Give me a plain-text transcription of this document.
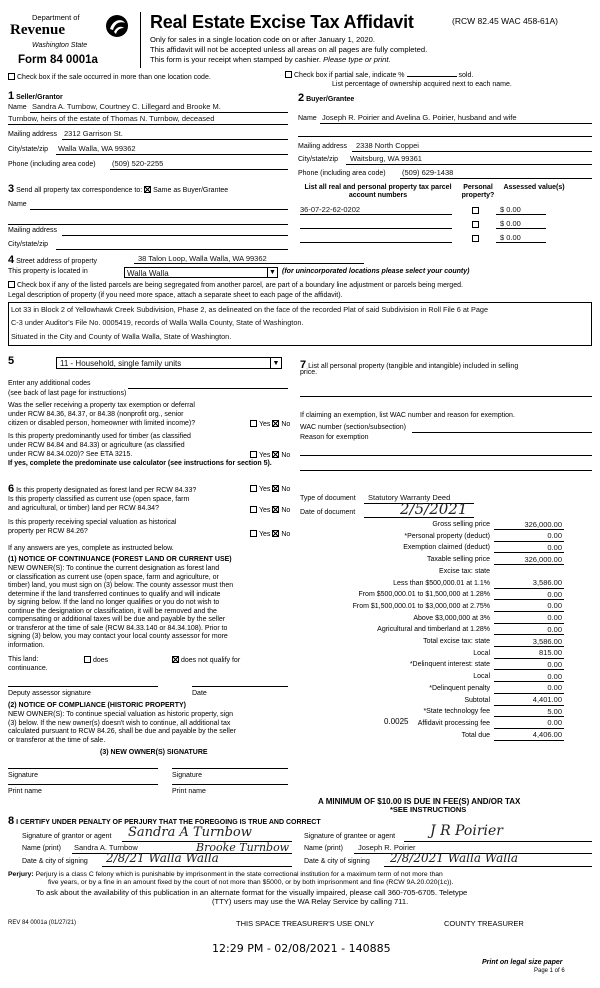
Department of
Revenue
Washington State
Form 84 0001a
Real Estate Excise Tax Affidavit	(RCW 82.45 WAC 458-61A)
Only for sales in a single location code on or after January 1, 2020.
This affidavit will not be accepted unless all areas on all pages are fully completed.
This form is your receipt when stamped by cashier. Please type or print.
Check box if the sale occurred in more than one location code.	Check box if partial sale, indicate %	sold.
List percentage of ownership acquired next to each name.
1 Seller/Grantor
Name Sandra A. Turnbow, Courtney C. Lillegard and Brooke M.
Turnbow, heirs of the estate of Thomas N. Turnbow, deceased
Mailing address 2312 Garrison St.
City/state/zip Walla Walla, WA 99362
Phone (including area code) (509) 520-2255
2 Buyer/Grantee
Name Joseph R. Poirier and Avelina G. Poirier, husband and wife
Mailing address 2338 North Coppei
City/state/zip Waitsburg, WA 99361
Phone (including area code) (509) 629-1438
3 Send all property tax correspondence to: Same as Buyer/Grantee
Name
Mailing address
City/state/zip
List all real and personal property tax parcel account numbers
Personal property?
Assessed value(s)
36-07-22-62-0202	$ 0.00
$ 0.00
$ 0.00
4 Street address of property	38 Talon Loop, Walla Walla, WA 99362
This property is located in	Walla Walla	▼ (for unincorporated locations please select your county)
Check box if any of the listed parcels are being segregated from another parcel, are part of a boundary line adjustment or parcels being merged.
Legal description of property (if you need more space, attach a separate sheet to each page of the affidavit).
Lot 33 in Block 2 of Yellowhawk Creek Subdivision, Phase 2, as delineated on the face of the recorded Plat of said Subdivision in Roll File 6 at Page
C-3 under Auditor's File No. 0005419, records of Walla Walla County, State of Washington.
Situated in the City and County of Walla Walla, State of Washington.
5	11 - Household, single family units	▼
Enter any additional codes
(see back of last page for instructions)
Was the seller receiving a property tax exemption or deferral
under RCW 84.36, 84.37, or 84.38 (nonprofit org., senior
citizen or disabled person, homeowner with limited income)?	Yes No
Is this property predominantly used for timber (as classified
under RCW 84.84 and 84.33) or agriculture (as classified
under RCW 84.34.020)? See ETA 3215.	Yes No
If yes, complete the predominate use calculator (see instructions for section 5).
7 List all personal property (tangible and intangible) included in selling
price.
If claiming an exemption, list WAC number and reason for exemption.
WAC number (section/subsection)
Reason for exemption
6 Is this property designated as forest land per RCW 84.33?	Yes No
Is this property classified as current use (open space, farm
and agricultural, or timber) land per RCW 84.34?	Yes No
Is this property receiving special valuation as historical
property per RCW 84.26?	Yes No
If any answers are yes, complete as instructed below.
(1) NOTICE OF CONTINUANCE (FOREST LAND OR CURRENT USE)
NEW OWNER(S): To continue the current designation as forest land
or classification as current use (open space, farm and agriculture, or
timber) land, you must sign on (3) below. The county assessor must then
determine if the land transferred continues to qualify and will indicate
by signing below. If the land no longer qualifies or you do not wish to
continue the designation or classification, it will be removed and the
compensating or additional taxes will be due and payable by the seller
or transferor at the time of sale (RCW 84.33.140 or 84.34.108). Prior to
signing (3) below, you may contact your local county assessor for more
information.
This land:	does	does not qualify for
continuance.
Deputy assessor signature	Date
(2) NOTICE OF COMPLIANCE (HISTORIC PROPERTY)
NEW OWNER(S): To continue special valuation as historic property, sign
(3) below. If the new owner(s) doesn't wish to continue, all additional tax
calculated pursuant to RCW 84.26, shall be due and payable by the seller
or transferor at the time of sale.
(3) NEW OWNER(S) SIGNATURE
Signature	Signature
Print name	Print name
Type of document Statutory Warranty Deed
Date of document	2/5/2021
Gross selling price	326,000.00
*Personal property (deduct)	0.00
Exemption claimed (deduct)	0.00
Taxable selling price	326,000.00
Excise tax: state
Less than $500,000.01 at 1.1%	3,586.00
From $500,000.01 to $1,500,000 at 1.28%	0.00
From $1,500,000.01 to $3,000,000 at 2.75%	0.00
Above $3,000,000 at 3%	0.00
Agricultural and timberland at 1.28%	0.00
Total excise tax: state	3,586.00
Local	815.00
*Delinquent interest: state	0.00
Local	0.00
*Delinquent penalty	0.00
Subtotal	4,401.00
*State technology fee	5.00
Affidavit processing fee	0.00
Total due	4,406.00
0.0025
A MINIMUM OF $10.00 IS DUE IN FEE(S) AND/OR TAX
*SEE INSTRUCTIONS
8 I CERTIFY UNDER PENALTY OF PERJURY THAT THE FOREGOING IS TRUE AND CORRECT
Signature of grantor or agent Sandra A Turnbow
Name (print) Sandra A. Turnbow	Brooke Turnbow
Date & city of signing 2/8/21 Walla Walla
Signature of grantee or agent J R Poirier
Name (print) Joseph R. Poirier
Date & city of signing 2/8/2021 Walla Walla
Perjury: Perjury is a class C felony which is punishable by imprisonment in the state correctional institution for a maximum term of not more than
five years, or by a fine in an amount fixed by the court of not more than $5000, or by both imprisonment and fine (RCW 9A.20.020(1c)).
To ask about the availability of this publication in an alternate format for the visually impaired, please call 360-705-6705. Teletype
(TTY) users may use the WA Relay Service by calling 711.
REV 84 0001a (01/27/21)	THIS SPACE TREASURER'S USE ONLY	COUNTY TREASURER
12:29 PM - 02/08/2021 - 140885
Print on legal size paper
Page 1 of 6
